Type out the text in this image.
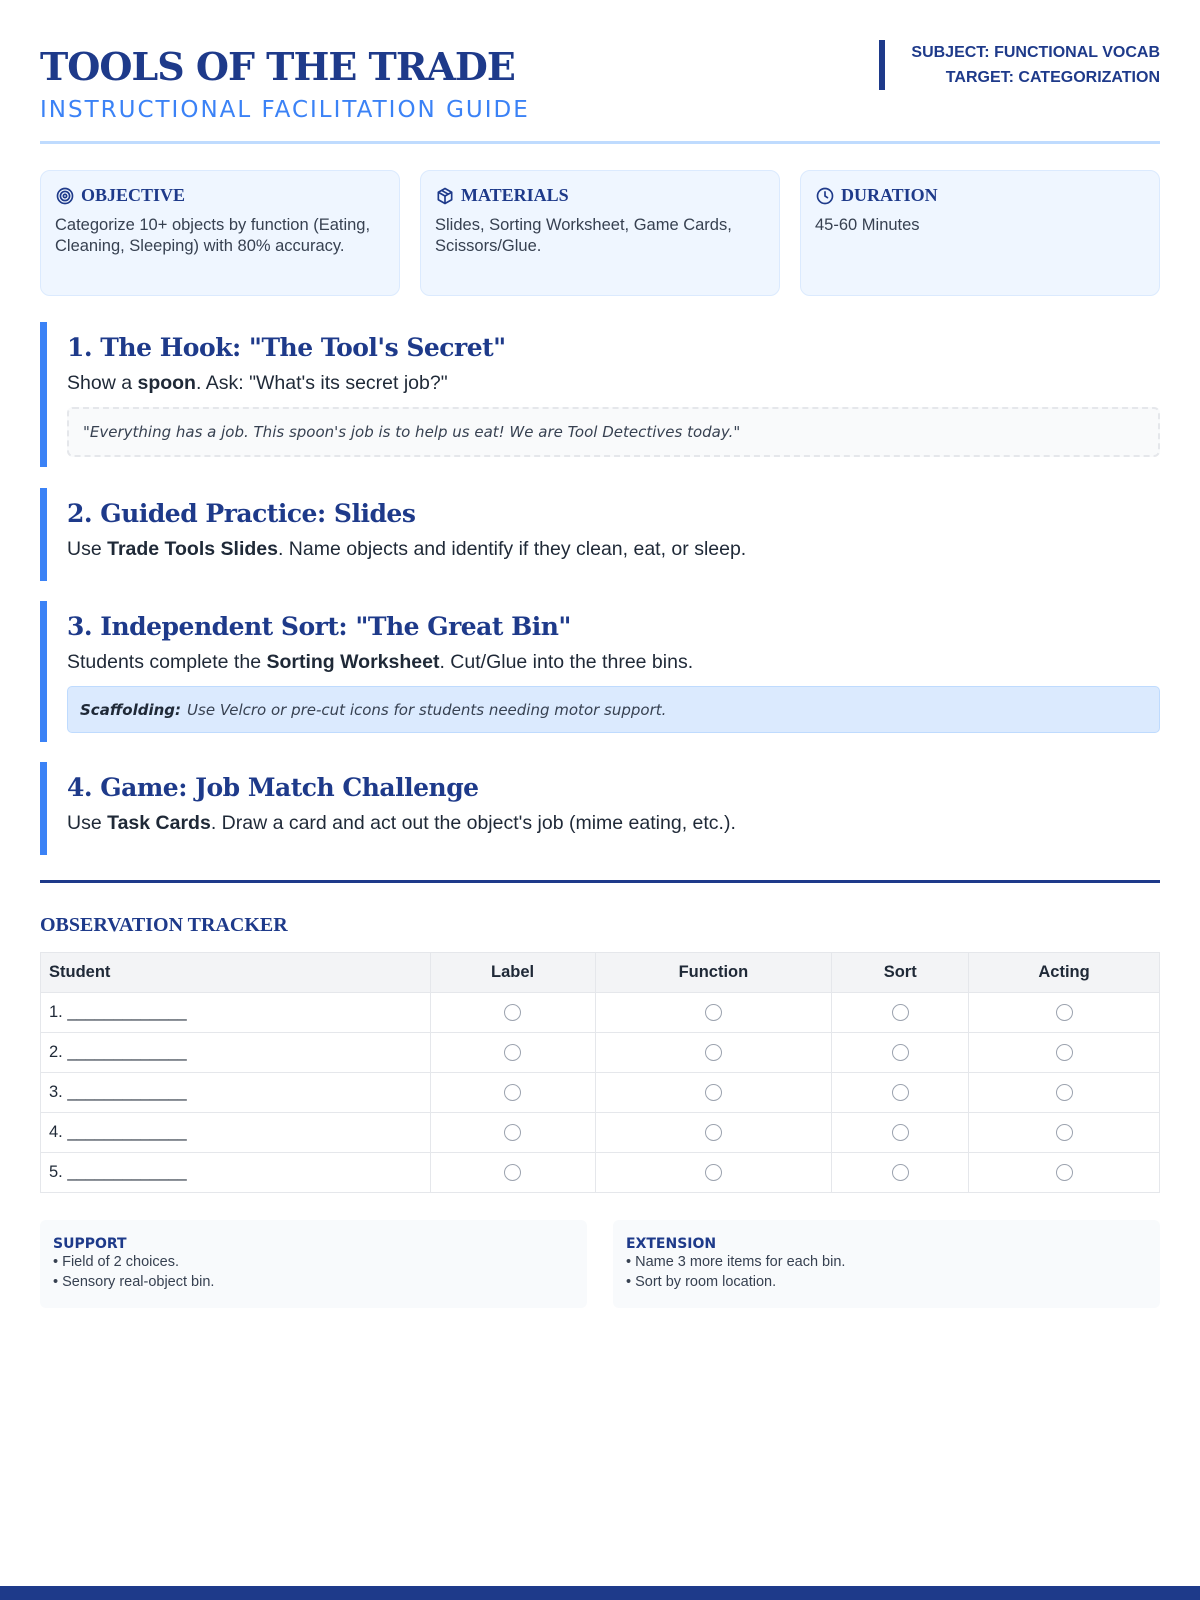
TOOLS OF THE TRADE
INSTRUCTIONAL FACILITATION GUIDE
SUBJECT: FUNCTIONAL VOCAB
TARGET: CATEGORIZATION
OBJECTIVE
Categorize 10+ objects by function (Eating, Cleaning, Sleeping) with 80% accuracy.
MATERIALS
Slides, Sorting Worksheet, Game Cards, Scissors/Glue.
DURATION
45-60 Minutes
1. The Hook: "The Tool's Secret"
Show a spoon. Ask: "What's its secret job?"
"Everything has a job. This spoon's job is to help us eat! We are Tool Detectives today."
2. Guided Practice: Slides
Use Trade Tools Slides. Name objects and identify if they clean, eat, or sleep.
3. Independent Sort: "The Great Bin"
Students complete the Sorting Worksheet. Cut/Glue into the three bins.
Scaffolding: Use Velcro or pre-cut icons for students needing motor support.
4. Game: Job Match Challenge
Use Task Cards. Draw a card and act out the object's job (mime eating, etc.).
OBSERVATION TRACKER
Student	Label	Function	Sort	Acting
1. _____________				
2. _____________				
3. _____________				
4. _____________				
5. _____________				
SUPPORT
• Field of 2 choices.
• Sensory real-object bin.
EXTENSION
• Name 3 more items for each bin.
• Sort by room location.
